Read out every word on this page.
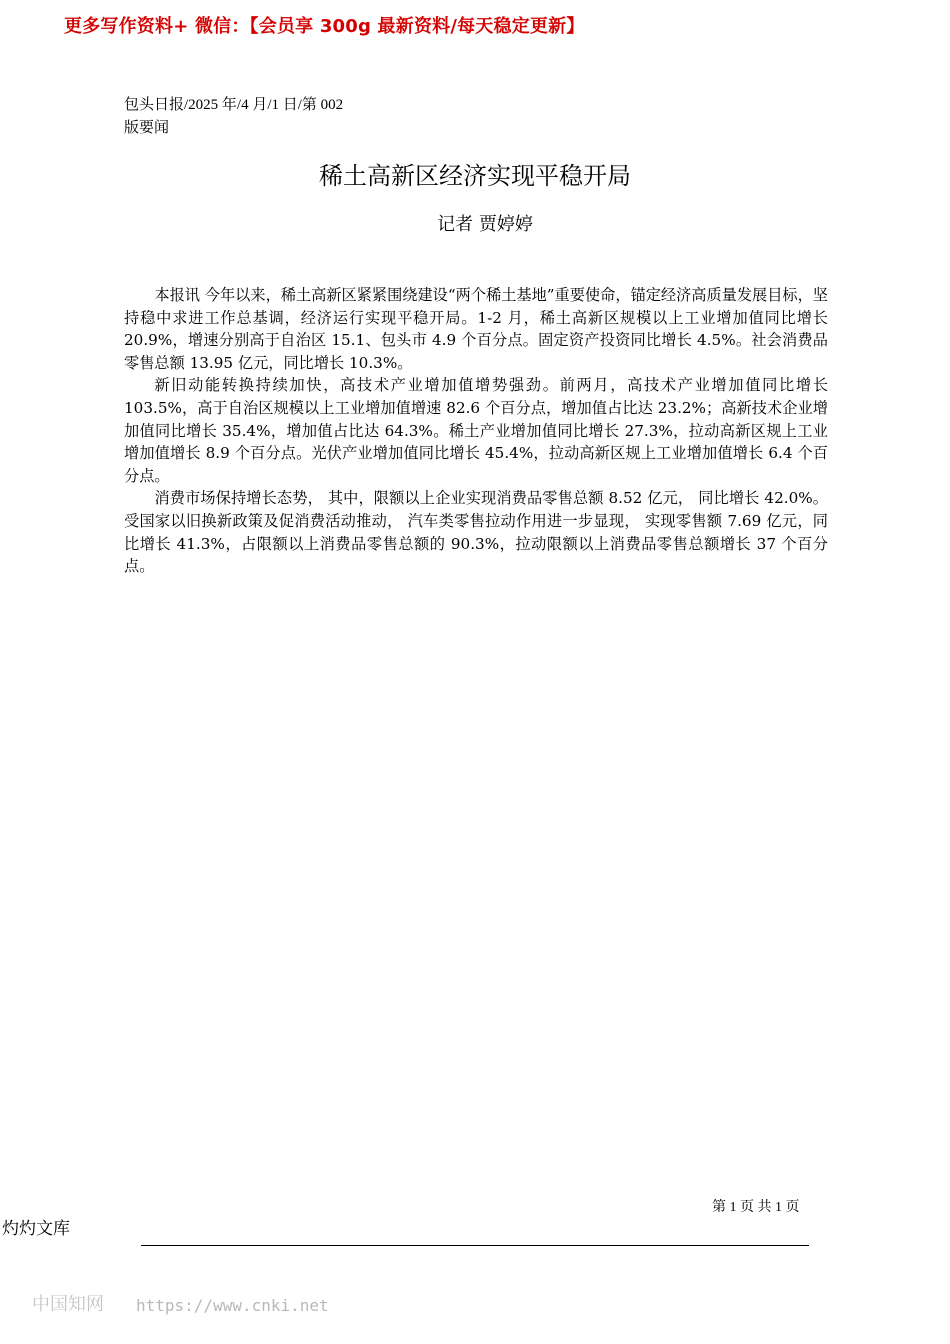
更多写作资料+ 微信：【会员享 300g 最新资料/每天稳定更新】
包头日报/2025 年/4 月/1 日/第 002
版要闻
稀土高新区经济实现平稳开局
记者 贾婷婷

本报讯 今年以来，稀土高新区紧紧围绕建设“两个稀土基地”重要使命，锚定经济高质量发展目标，坚持稳中求进工作总基调，经济运行实现平稳开局。1-2 月，稀土高新区规模以上工业增加值同比增长 20.9%，增速分别高于自治区 15.1、包头市 4.9 个百分点。固定资产投资同比增长 4.5%。社会消费品零售总额 13.95 亿元，同比增长 10.3%。

新旧动能转换持续加快，高技术产业增加值增势强劲。前两月，高技术产业增加值同比增长 103.5%，高于自治区规模以上工业增加值增速 82.6 个百分点，增加值占比达 23.2%；高新技术企业增加值同比增长 35.4%，增加值占比达 64.3%。稀土产业增加值同比增长 27.3%，拉动高新区规上工业增加值增长 8.9 个百分点。光伏产业增加值同比增长 45.4%，拉动高新区规上工业增加值增长 6.4 个百分点。

消费市场保持增长态势， 其中，限额以上企业实现消费品零售总额 8.52 亿元， 同比增长 42.0%。受国家以旧换新政策及促消费活动推动， 汽车类零售拉动作用进一步显现， 实现零售额 7.69 亿元，同比增长 41.3%，占限额以上消费品零售总额的 90.3%，拉动限额以上消费品零售总额增长 37 个百分点。

第 1 页 共 1 页
灼灼文库
中国知网 https://www.cnki.net
